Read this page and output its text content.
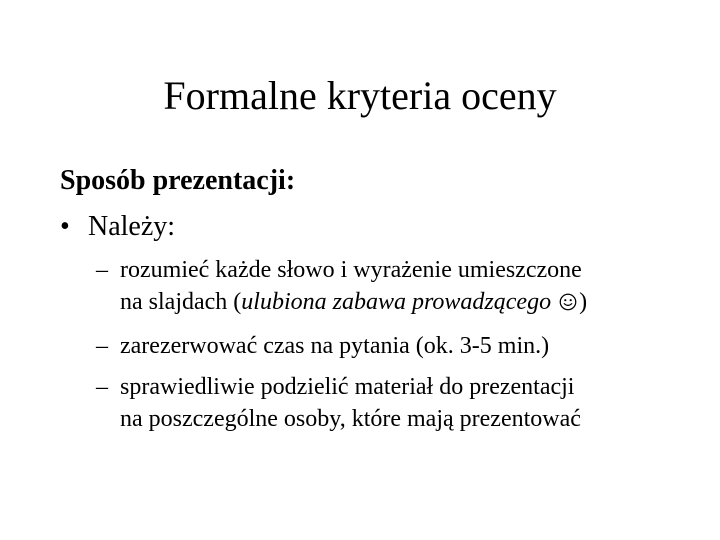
Formalne kryteria oceny
Sposób prezentacji:
• Należy:
– rozumieć każde słowo i wyrażenie umieszczone
na slajdach (ulubiona zabawa prowadzącego )
– zarezerwować czas na pytania (ok. 3-5 min.)
– sprawiedliwie podzielić materiał do prezentacji
na poszczególne osoby, które mają prezentować
